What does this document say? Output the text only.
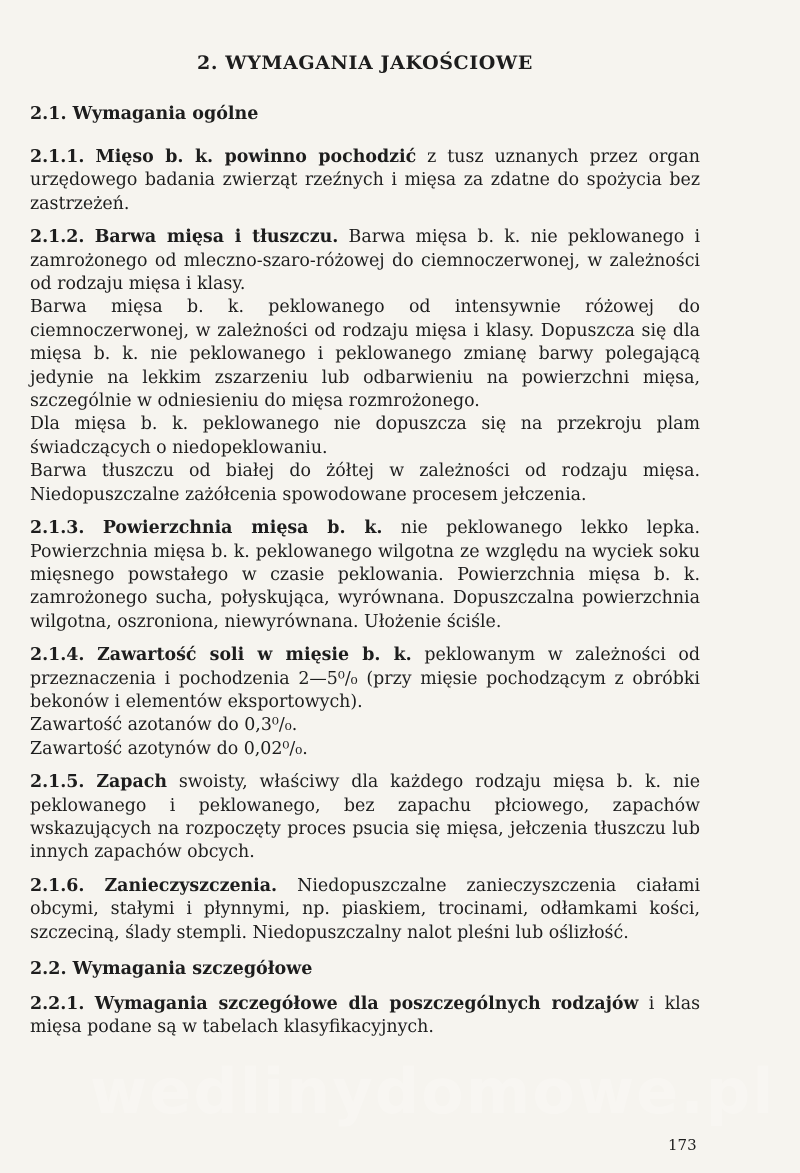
2. WYMAGANIA JAKOŚCIOWE
2.1. Wymagania ogólne

2.1.1. Mięso b. k. powinno pochodzić z tusz uznanych przez organ urzędowego badania zwierząt rzeźnych i mięsa za zdatne do spożycia bez zastrzeżeń.

2.1.2. Barwa mięsa i tłuszczu. Barwa mięsa b. k. nie peklowanego i zamrożonego od mleczno-szaro-różowej do ciemnoczerwonej, w zależności od rodzaju mięsa i klasy.

Barwa mięsa b. k. peklowanego od intensywnie różowej do ciemnoczerwonej, w zależności od rodzaju mięsa i klasy. Dopuszcza się dla mięsa b. k. nie peklowanego i peklowanego zmianę barwy polegającą jedynie na lekkim zszarzeniu lub odbarwieniu na powierzchni mięsa, szczególnie w odniesieniu do mięsa rozmrożonego.

Dla mięsa b. k. peklowanego nie dopuszcza się na przekroju plam świadczących o niedopeklowaniu.

Barwa tłuszczu od białej do żółtej w zależności od rodzaju mięsa. Niedopuszczalne zażółcenia spowodowane procesem jełczenia.

2.1.3. Powierzchnia mięsa b. k. nie peklowanego lekko lepka. Powierzchnia mięsa b. k. peklowanego wilgotna ze względu na wyciek soku mięsnego powstałego w czasie peklowania. Powierzchnia mięsa b. k. zamrożonego sucha, połyskująca, wyrównana. Dopuszczalna powierzchnia wilgotna, oszroniona, niewyrównana. Ułożenie ściśle.

2.1.4. Zawartość soli w mięsie b. k. peklowanym w zależności od przeznaczenia i pochodzenia 2—5⁰/₀ (przy mięsie pochodzącym z obróbki bekonów i elementów eksportowych).

Zawartość azotanów do 0,3⁰/₀.

Zawartość azotynów do 0,02⁰/₀.

2.1.5. Zapach swoisty, właściwy dla każdego rodzaju mięsa b. k. nie peklowanego i peklowanego, bez zapachu płciowego, zapachów wskazujących na rozpoczęty proces psucia się mięsa, jełczenia tłuszczu lub innych zapachów obcych.

2.1.6. Zanieczyszczenia. Niedopuszczalne zanieczyszczenia ciałami obcymi, stałymi i płynnymi, np. piaskiem, trocinami, odłamkami kości, szczeciną, ślady stempli. Niedopuszczalny nalot pleśni lub oślizłość.

2.2. Wymagania szczegółowe

2.2.1. Wymagania szczegółowe dla poszczególnych rodzajów i klas mięsa podane są w tabelach klasyfikacyjnych.

wedlinydomowe.pl
173
